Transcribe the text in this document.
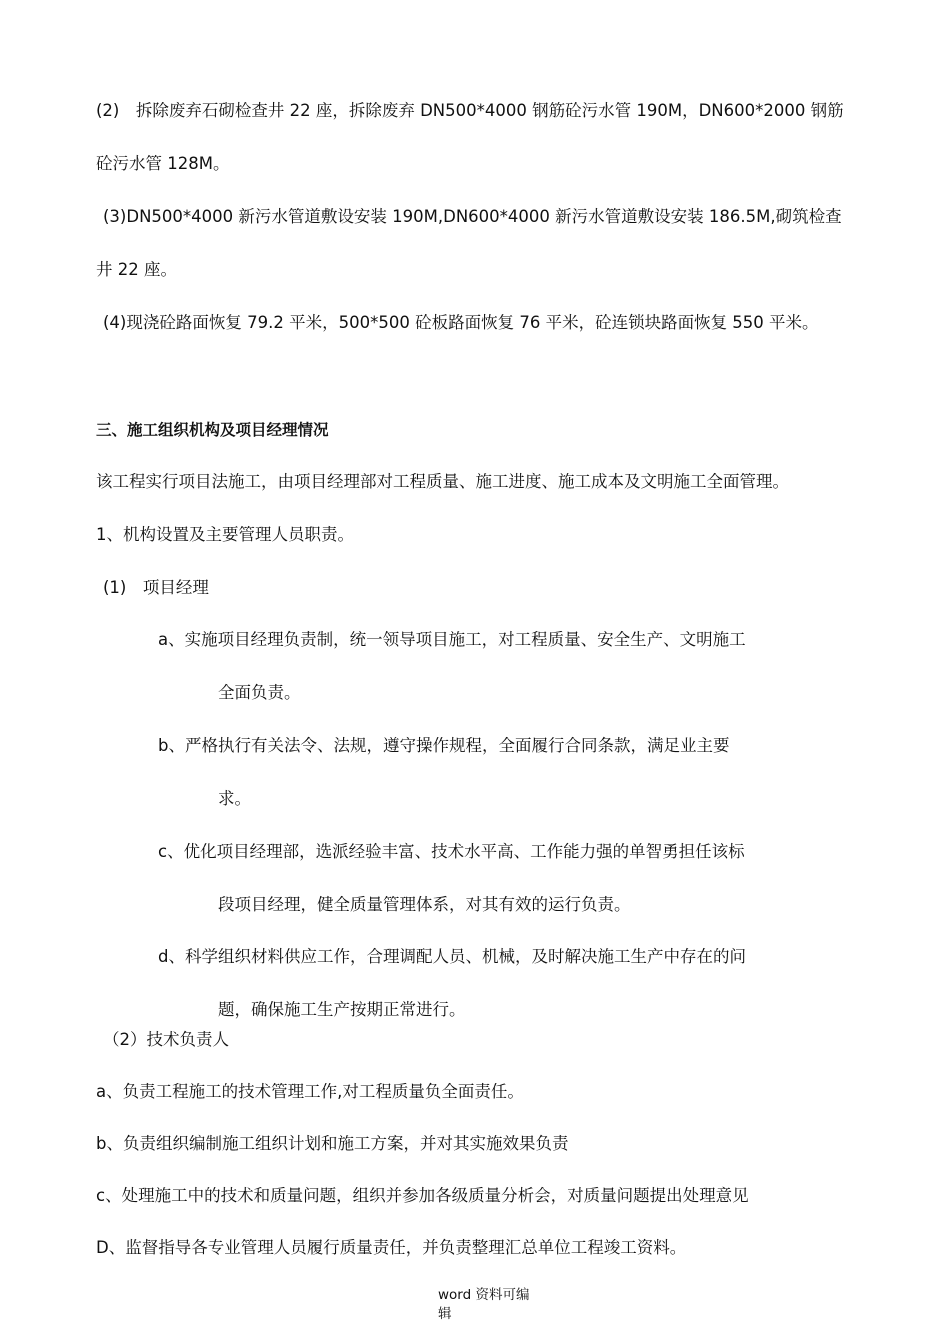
(2)　拆除废弃石砌检查井 22 座，拆除废弃 DN500*4000 钢筋砼污水管 190M，DN600*2000 钢筋
砼污水管 128M。
(3)DN500*4000 新污水管道敷设安装 190M,DN600*4000 新污水管道敷设安装 186.5M,砌筑检查
井 22 座。
(4)现浇砼路面恢复 79.2 平米，500*500 砼板路面恢复 76 平米，砼连锁块路面恢复 550 平米。
三、施工组织机构及项目经理情况
该工程实行项目法施工，由项目经理部对工程质量、施工进度、施工成本及文明施工全面管理。
1、机构设置及主要管理人员职责。
(1)　项目经理
a、实施项目经理负责制，统一领导项目施工，对工程质量、安全生产、文明施工
全面负责。
b、严格执行有关法令、法规，遵守操作规程，全面履行合同条款，满足业主要
求。
c、优化项目经理部，选派经验丰富、技术水平高、工作能力强的单智勇担任该标
段项目经理，健全质量管理体系，对其有效的运行负责。
d、科学组织材料供应工作，合理调配人员、机械，及时解决施工生产中存在的问
题，确保施工生产按期正常进行。
（2）技术负责人
a、负责工程施工的技术管理工作,对工程质量负全面责任。
b、负责组织编制施工组织计划和施工方案，并对其实施效果负责
c、处理施工中的技术和质量问题，组织并参加各级质量分析会，对质量问题提出处理意见
D、监督指导各专业管理人员履行质量责任，并负责整理汇总单位工程竣工资料。
word 资料可编辑
